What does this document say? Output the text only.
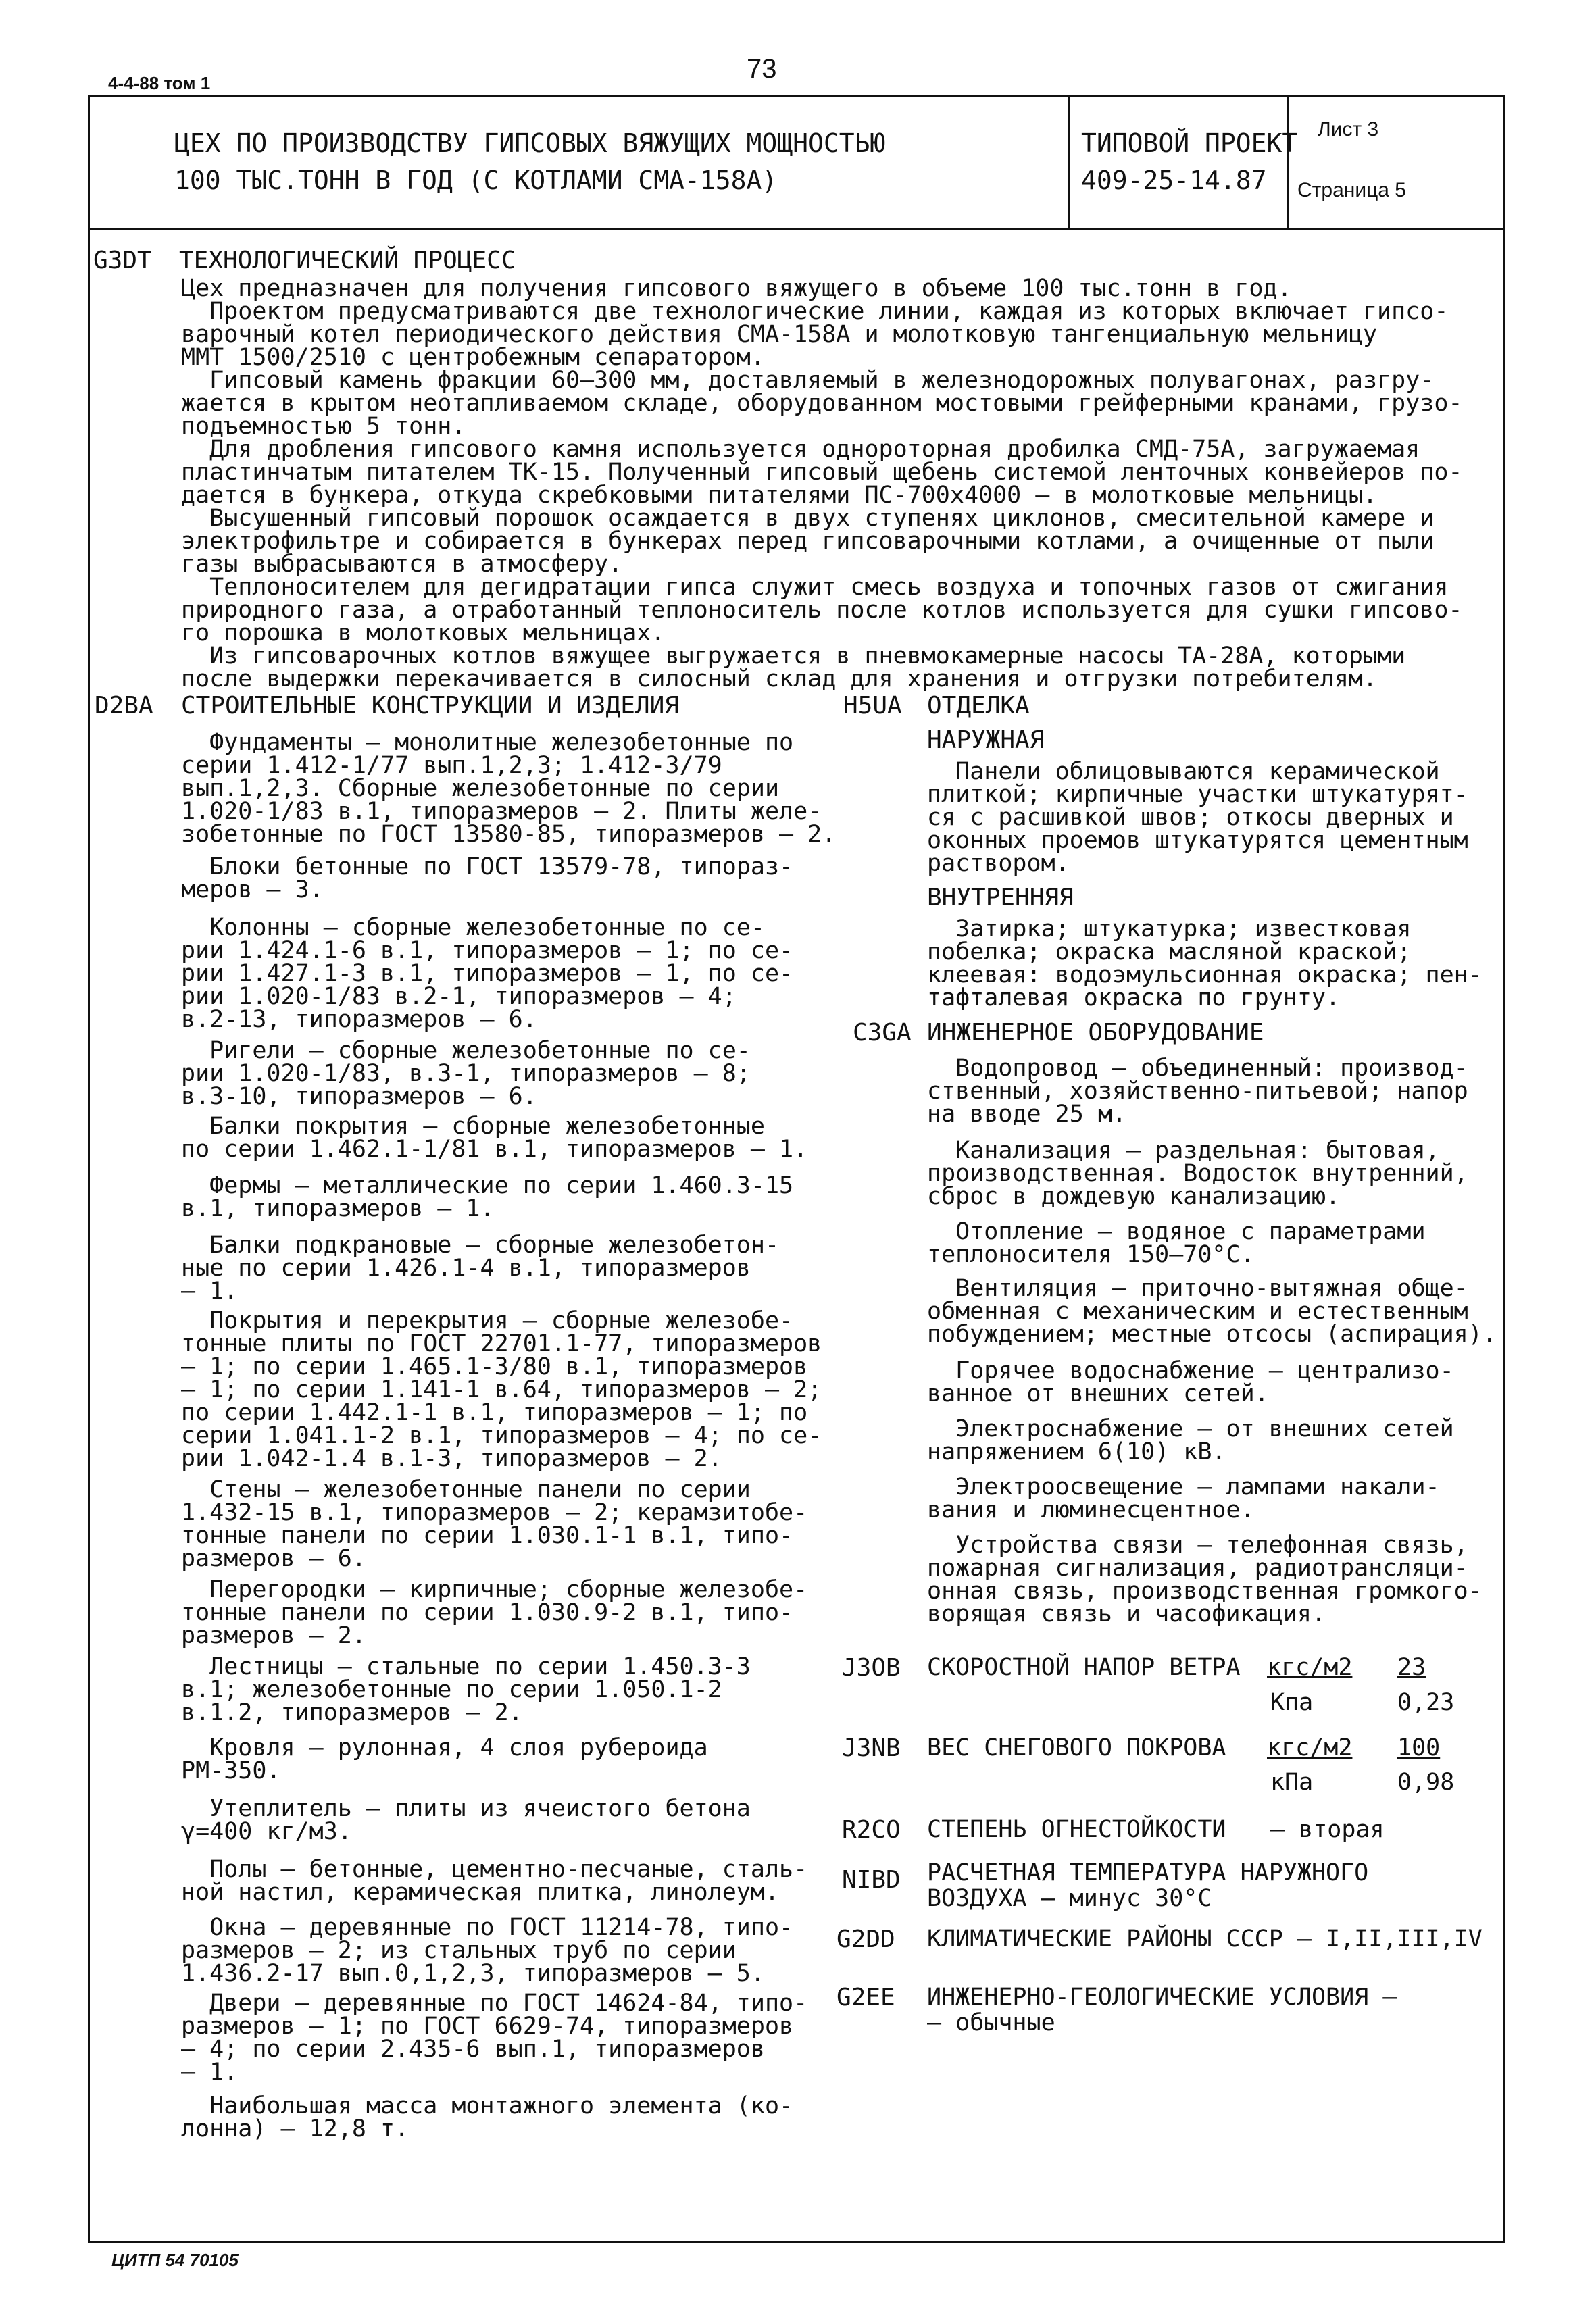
4-4-88 том 1	73
ЦЕХ ПО ПРОИЗВОДСТВУ ГИПСОВЫХ ВЯЖУЩИХ МОЩНОСТЬЮ
100 ТЫС.ТОНН В ГОД (С КОТЛАМИ СМА-158А)
ТИПОВОЙ ПРОЕКТ
409-25-14.87
Лист 3
Страница 5
G3DT ТЕХНОЛОГИЧЕСКИЙ ПРОЦЕСС
Цех предназначен для получения гипсового вяжущего в объеме 100 тыс.тонн в год.
Проектом предусматриваются две технологические линии, каждая из которых включает гипсо-
варочный котел периодического действия СМА-158А и молотковую тангенциальную мельницу
ММТ 1500/2510 с центробежным сепаратором.
Гипсовый камень фракции 60–300 мм, доставляемый в железнодорожных полувагонах, разгру-
жается в крытом неотапливаемом складе, оборудованном мостовыми грейферными кранами, грузо-
подъемностью 5 тонн.
Для дробления гипсового камня используется однороторная дробилка СМД-75А, загружаемая
пластинчатым питателем ТК-15. Полученный гипсовый щебень системой ленточных конвейеров по-
дается в бункера, откуда скребковыми питателями ПС-700х4000 – в молотковые мельницы.
Высушенный гипсовый порошок осаждается в двух ступенях циклонов, смесительной камере и
электрофильтре и собирается в бункерах перед гипсоварочными котлами, а очищенные от пыли
газы выбрасываются в атмосферу.
Теплоносителем для дегидратации гипса служит смесь воздуха и топочных газов от сжигания
природного газа, а отработанный теплоноситель после котлов используется для сушки гипсово-
го порошка в молотковых мельницах.
Из гипсоварочных котлов вяжущее выгружается в пневмокамерные насосы ТА-28А, которыми
после выдержки перекачивается в силосный склад для хранения и отгрузки потребителям.
D2BA СТРОИТЕЛЬНЫЕ КОНСТРУКЦИИ И ИЗДЕЛИЯ
Фундаменты – монолитные железобетонные по
серии 1.412-1/77 вып.1,2,3; 1.412-3/79
вып.1,2,3. Сборные железобетонные по серии
1.020-1/83 в.1, типоразмеров – 2. Плиты желе-
зобетонные по ГОСТ 13580-85, типоразмеров – 2.
Блоки бетонные по ГОСТ 13579-78, типораз-
меров – 3.
Колонны – сборные железобетонные по се-
рии 1.424.1-6 в.1, типоразмеров – 1; по се-
рии 1.427.1-3 в.1, типоразмеров – 1, по се-
рии 1.020-1/83 в.2-1, типоразмеров – 4;
в.2-13, типоразмеров – 6.
Ригели – сборные железобетонные по се-
рии 1.020-1/83, в.3-1, типоразмеров – 8;
в.3-10, типоразмеров – 6.
Балки покрытия – сборные железобетонные
по серии 1.462.1-1/81 в.1, типоразмеров – 1.
Фермы – металлические по серии 1.460.3-15
в.1, типоразмеров – 1.
Балки подкрановые – сборные железобетон-
ные по серии 1.426.1-4 в.1, типоразмеров
– 1.
Покрытия и перекрытия – сборные железобе-
тонные плиты по ГОСТ 22701.1-77, типоразмеров
– 1; по серии 1.465.1-3/80 в.1, типоразмеров
– 1; по серии 1.141-1 в.64, типоразмеров – 2;
по серии 1.442.1-1 в.1, типоразмеров – 1; по
серии 1.041.1-2 в.1, типоразмеров – 4; по се-
рии 1.042-1.4 в.1-3, типоразмеров – 2.
Стены – железобетонные панели по серии
1.432-15 в.1, типоразмеров – 2; керамзитобе-
тонные панели по серии 1.030.1-1 в.1, типо-
размеров – 6.
Перегородки – кирпичные; сборные железобе-
тонные панели по серии 1.030.9-2 в.1, типо-
размеров – 2.
Лестницы – стальные по серии 1.450.3-3
в.1; железобетонные по серии 1.050.1-2
в.1.2, типоразмеров – 2.
Кровля – рулонная, 4 слоя рубероида
РМ-350.
Утеплитель – плиты из ячеистого бетона
γ=400 кг/м3.
Полы – бетонные, цементно-песчаные, сталь-
ной настил, керамическая плитка, линолеум.
Окна – деревянные по ГОСТ 11214-78, типо-
размеров – 2; из стальных труб по серии
1.436.2-17 вып.0,1,2,3, типоразмеров – 5.
Двери – деревянные по ГОСТ 14624-84, типо-
размеров – 1; по ГОСТ 6629-74, типоразмеров
– 4; по серии 2.435-6 вып.1, типоразмеров
– 1.
Наибольшая масса монтажного элемента (ко-
лонна) – 12,8 т.
H5UA ОТДЕЛКА
НАРУЖНАЯ
Панели облицовываются керамической
плиткой; кирпичные участки штукатурят-
ся с расшивкой швов; откосы дверных и
оконных проемов штукатурятся цементным
раствором.
ВНУТРЕННЯЯ
Затирка; штукатурка; известковая
побелка; окраска масляной краской;
клеевая: водоэмульсионная окраска; пен-
тафталевая окраска по грунту.
C3GA ИНЖЕНЕРНОЕ ОБОРУДОВАНИЕ
Водопровод – объединенный: производ-
ственный, хозяйственно-питьевой; напор
на вводе 25 м.
Канализация – раздельная: бытовая,
производственная. Водосток внутренний,
сброс в дождевую канализацию.
Отопление – водяное с параметрами
теплоносителя 150–70°С.
Вентиляция – приточно-вытяжная обще-
обменная с механическим и естественным
побуждением; местные отсосы (аспирация).
Горячее водоснабжение – централизо-
ванное от внешних сетей.
Электроснабжение – от внешних сетей
напряжением 6(10) кВ.
Электроосвещение – лампами накали-
вания и люминесцентное.
Устройства связи – телефонная связь,
пожарная сигнализация, радиотрансляци-
онная связь, производственная громкого-
ворящая связь и часофикация.
J3OB СКОРОСТНОЙ НАПОР ВЕТРА кгс/м2 23
Кпа	0,23
J3NB ВЕС СНЕГОВОГО ПОКРОВА кгс/м2 100
кПа	0,98
R2CO СТЕПЕНЬ ОГНЕСТОЙКОСТИ – вторая
NIBD РАСЧЕТНАЯ ТЕМПЕРАТУРА НАРУЖНОГО
ВОЗДУХА – минус 30°С
G2DD КЛИМАТИЧЕСКИЕ РАЙОНЫ СССР – I,II,III,IV
G2EE ИНЖЕНЕРНО-ГЕОЛОГИЧЕСКИЕ УСЛОВИЯ –
– обычные
ЦИТП 54 70105
